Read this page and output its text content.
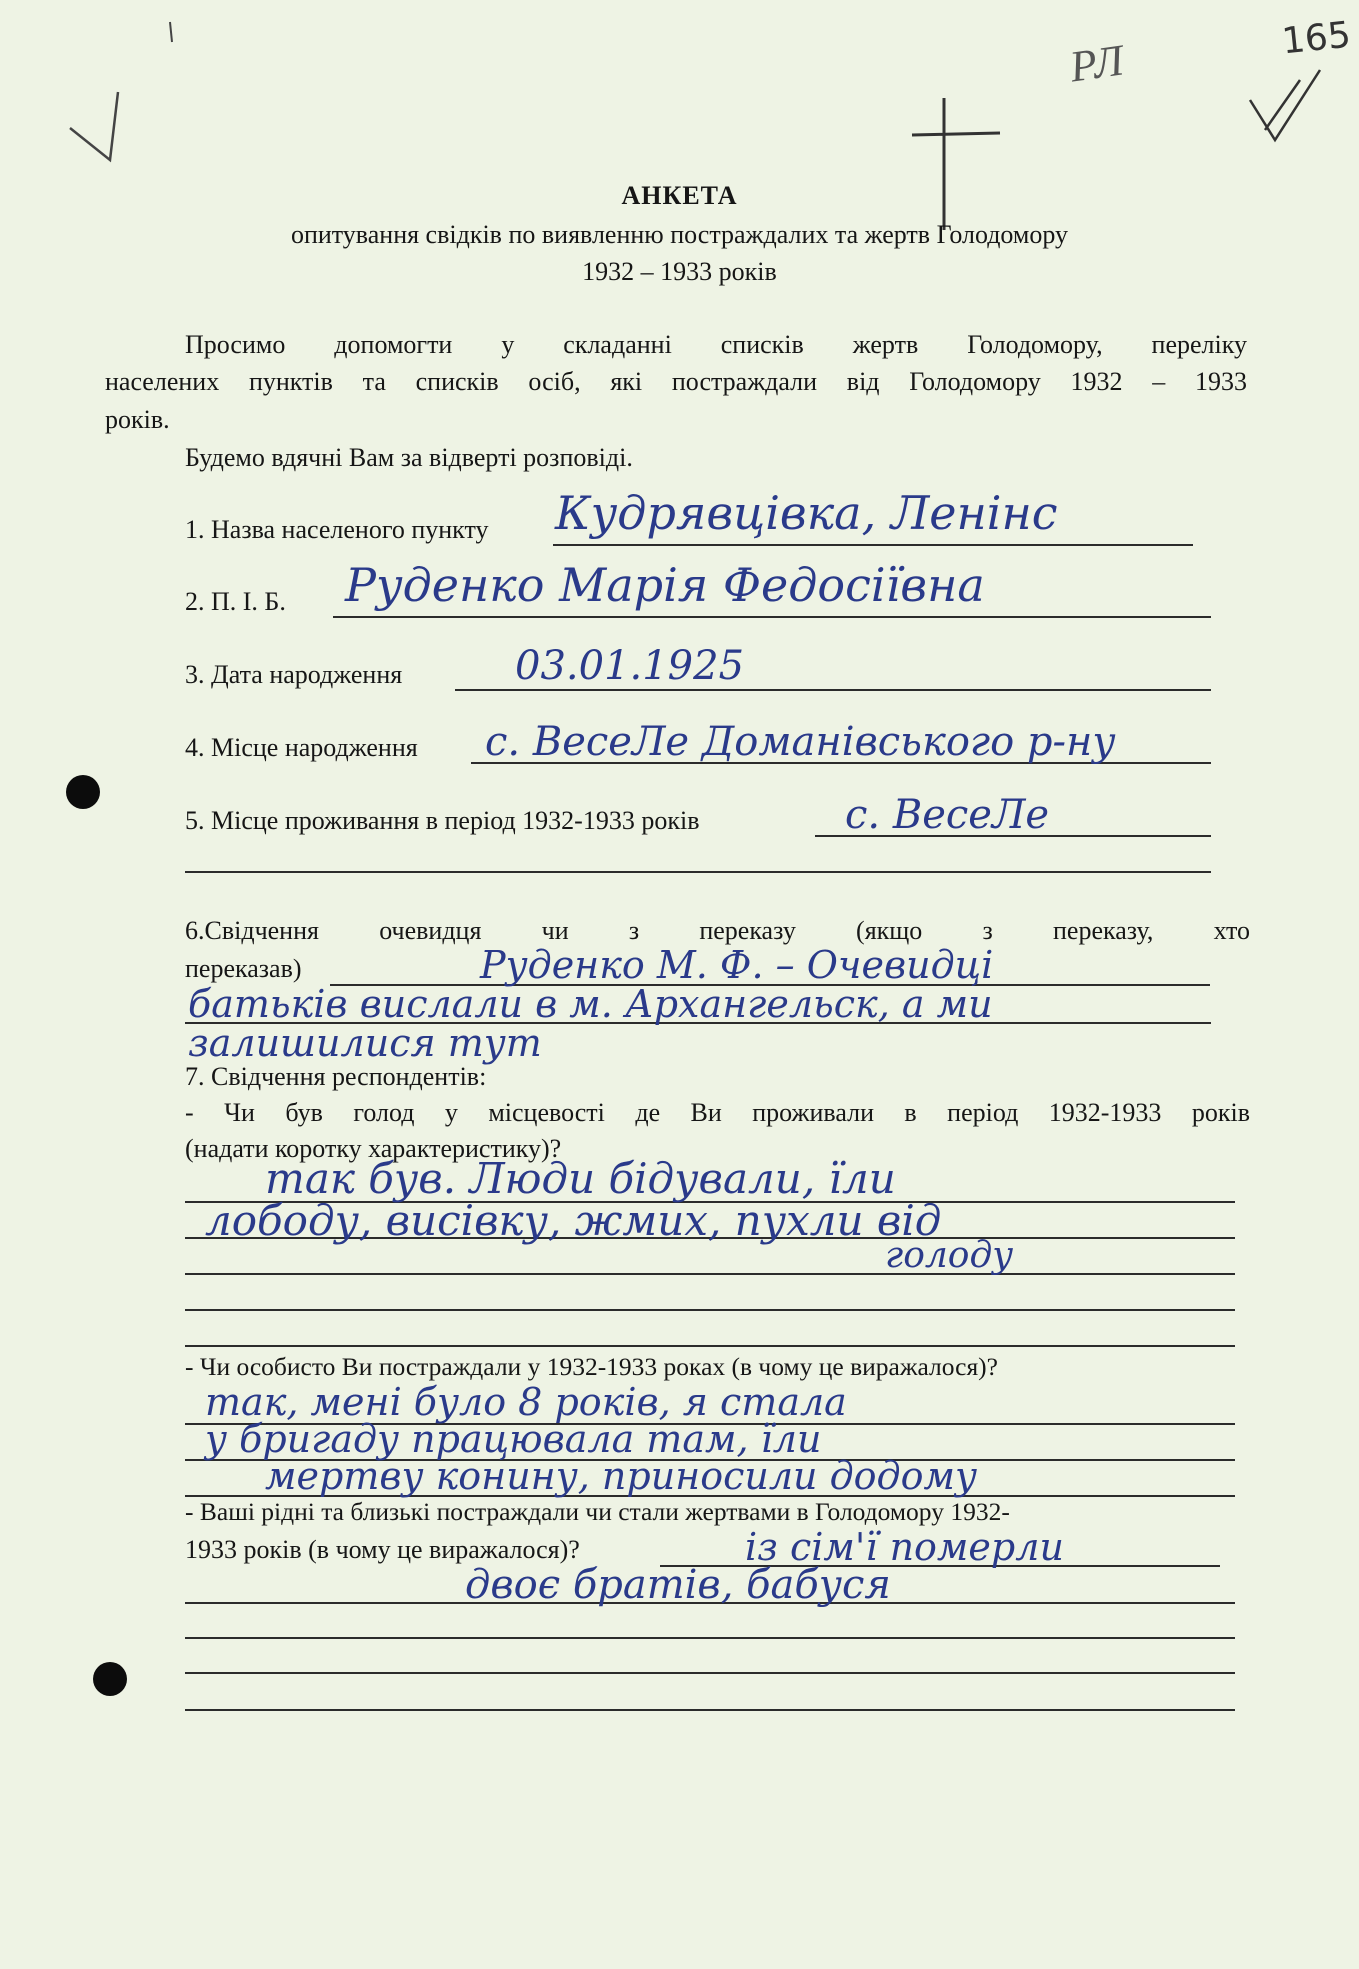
165
РЛ
АНКЕТА
опитування свідків по виявленню постраждалих та жертв Голодомору
1932 – 1933 років
Просимо допомогти у складанні списків жертв Голодомору, переліку
населених пунктів та списків осіб, які постраждали від Голодомору 1932 – 1933
років.
Будемо вдячні Вам за відверті розповіді.
1. Назва населеного пункту Кудрявцівка, Ленінс
2. П. І. Б. Руденко Марія Федосіївна
3. Дата народження	03.01.1925
4. Місце народження с. ВесеЛе Доманівського р-ну
5. Місце проживання в період 1932-1933 років	с. ВесеЛе
6.Свідчення очевидця чи з переказу (якщо з переказу, хто
переказав)	Руденко М. Ф. – Очевидці
батьків вислали в м. Архангельск, а ми
залишилися тут
7. Свідчення респондентів:
- Чи був голод у місцевості де Ви проживали в період 1932-1933 років
(надати коротку характеристику)?
так був. Люди бідували, їли
лободу, висівку, жмих, пухли від
голоду
- Чи особисто Ви постраждали у 1932-1933 роках (в чому це виражалося)?
так, мені було 8 років, я стала
у бригаду працювала там, їли
мертву конину, приносили додому
- Ваші рідні та близькі постраждали чи стали жертвами в Голодомору 1932-
1933 років (в чому це виражалося)?	із сім'ї померли
двоє братів, бабуся
